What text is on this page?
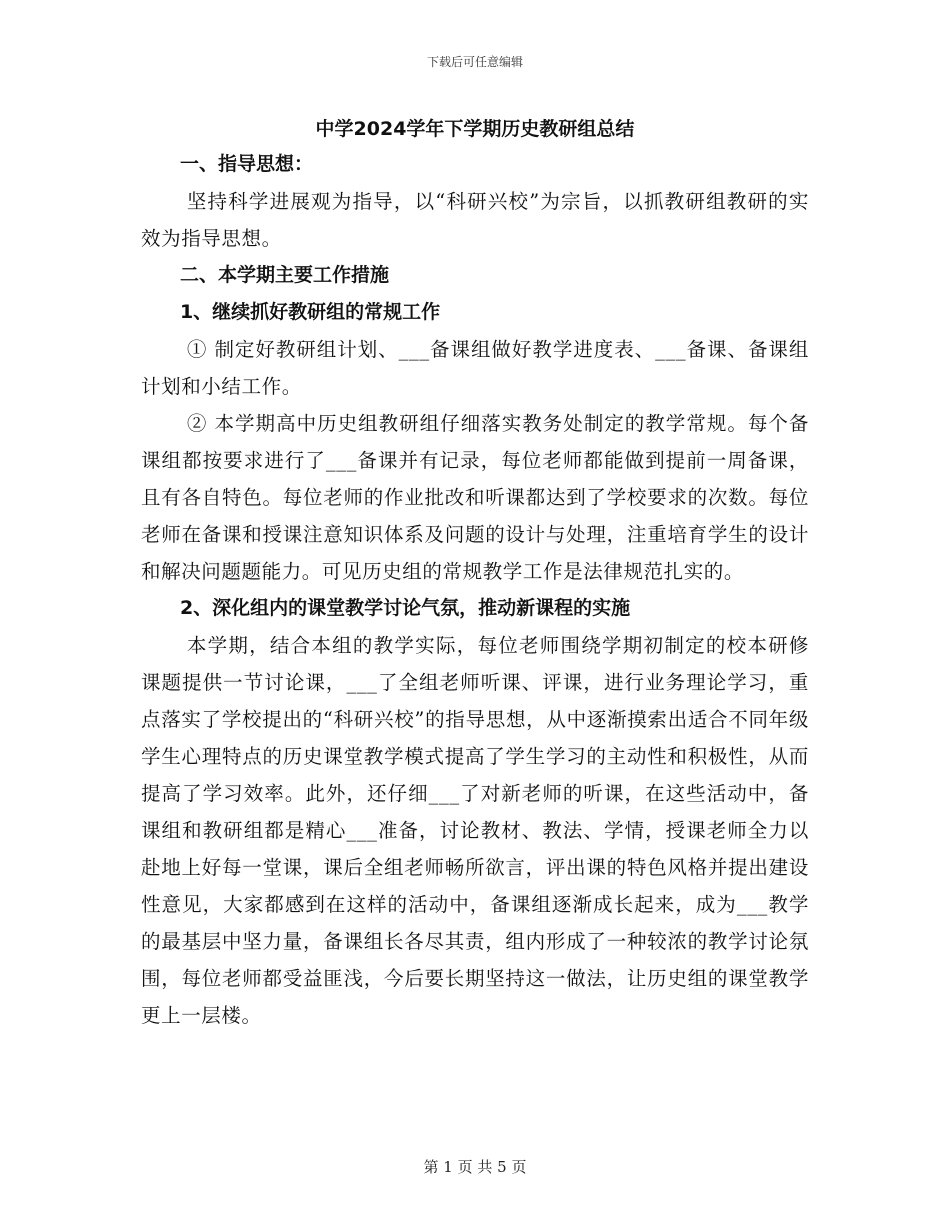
下载后可任意编辑
中学2024学年下学期历史教研组总结

一、指导思想：

坚持科学进展观为指导，以“科研兴校”为宗旨，以抓教研组教研的实效为指导思想。

二、本学期主要工作措施

1、继续抓好教研组的常规工作

① 制定好教研组计划、___备课组做好教学进度表、___备课、备课组计划和小结工作。

② 本学期高中历史组教研组仔细落实教务处制定的教学常规。每个备课组都按要求进行了___备课并有记录，每位老师都能做到提前一周备课，且有各自特色。每位老师的作业批改和听课都达到了学校要求的次数。每位老师在备课和授课注意知识体系及问题的设计与处理，注重培育学生的设计和解决问题题能力。可见历史组的常规教学工作是法律规范扎实的。

2、深化组内的课堂教学讨论气氛，推动新课程的实施

本学期，结合本组的教学实际，每位老师围绕学期初制定的校本研修课题提供一节讨论课，___了全组老师听课、评课，进行业务理论学习，重点落实了学校提出的“科研兴校”的指导思想，从中逐渐摸索出适合不同年级学生心理特点的历史课堂教学模式提高了学生学习的主动性和积极性，从而提高了学习效率。此外，还仔细___了对新老师的听课，在这些活动中，备课组和教研组都是精心___准备，讨论教材、教法、学情，授课老师全力以赴地上好每一堂课，课后全组老师畅所欲言，评出课的特色风格并提出建设性意见，大家都感到在这样的活动中，备课组逐渐成长起来，成为___教学的最基层中坚力量，备课组长各尽其责，组内形成了一种较浓的教学讨论氛围，每位老师都受益匪浅，今后要长期坚持这一做法，让历史组的课堂教学更上一层楼。

第 1 页 共 5 页
